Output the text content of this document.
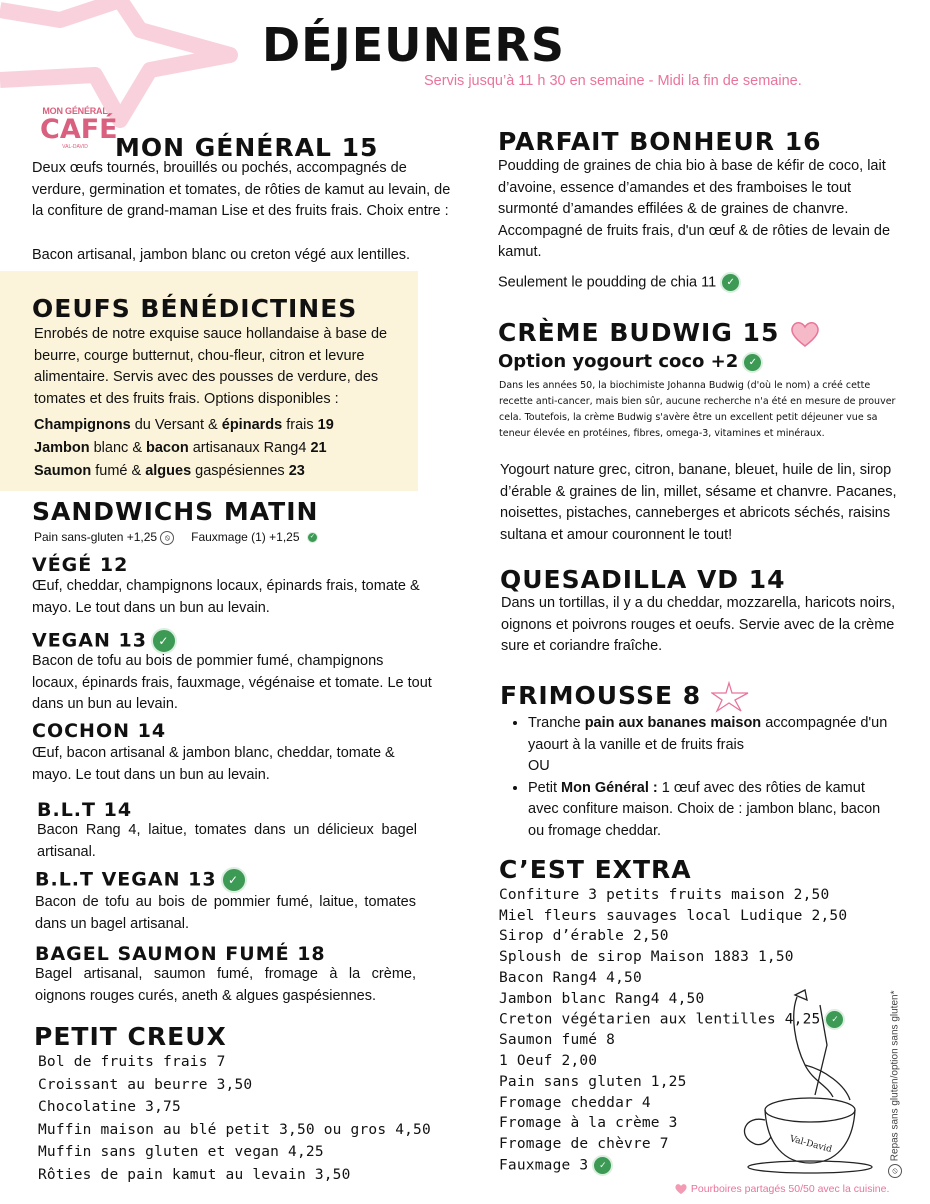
DÉJEUNERS
Servis jusqu’à 11 h 30 en semaine - Midi la fin de semaine.
MON GÉNÉRAL
CAFÉ
VAL-DAVID	MON GÉNÉRAL 15
Deux œufs tournés, brouillés ou pochés, accompagnés de verdure, germination et tomates, de rôties de kamut au levain, de la confiture de grand-maman Lise et des fruits frais. Choix entre :
Bacon artisanal, jambon blanc ou creton végé aux lentilles.
OEUFS BÉNÉDICTINES
Enrobés de notre exquise sauce hollandaise à base de beurre, courge butternut, chou-fleur, citron et levure alimentaire. Servis avec des pousses de verdure, des tomates et des fruits frais. Options disponibles :
Champignons du Versant & épinards frais 19
Jambon blanc & bacon artisanaux Rang4 21
Saumon fumé & algues gaspésiennes 23
SANDWICHS MATIN
Pain sans-gluten +1,25 ⦸ Fauxmage (1) +1,25 ✓
VÉGÉ 12
Œuf, cheddar, champignons locaux, épinards frais, tomate & mayo. Le tout dans un bun au levain.
VEGAN 13 ✓
Bacon de tofu au bois de pommier fumé, champignons locaux, épinards frais, fauxmage, végénaise et tomate. Le tout dans un bun au levain.
COCHON 14
Œuf, bacon artisanal & jambon blanc, cheddar, tomate & mayo. Le tout dans un bun au levain.
B.L.T 14
Bacon Rang 4, laitue, tomates dans un délicieux bagel artisanal.
B.L.T VEGAN 13 ✓
Bacon de tofu au bois de pommier fumé, laitue, tomates dans un bagel artisanal.
BAGEL SAUMON FUMÉ 18
Bagel artisanal, saumon fumé, fromage à la crème, oignons rouges curés, aneth & algues gaspésiennes.
PETIT CREUX
Bol de fruits frais 7
Croissant au beurre 3,50
Chocolatine 3,75
Muffin maison au blé petit 3,50 ou gros 4,50
Muffin sans gluten et vegan 4,25
Rôties de pain kamut au levain 3,50
PARFAIT BONHEUR 16
Poudding de graines de chia bio à base de kéfir de coco, lait d’avoine, essence d’amandes et des framboises le tout surmonté d’amandes effilées & de graines de chanvre. Accompagné de fruits frais, d'un œuf & de rôties de levain de kamut.
Seulement le poudding de chia 11 ✓
CRÈME BUDWIG 15
Option yogourt coco +2 ✓
Dans les années 50, la biochimiste Johanna Budwig (d'où le nom) a créé cette recette anti-cancer, mais bien sûr, aucune recherche n'a été en mesure de prouver cela. Toutefois, la crème Budwig s'avère être un excellent petit déjeuner vue sa teneur élevée en protéines, fibres, omega-3, vitamines et minéraux.
Yogourt nature grec, citron, banane, bleuet, huile de lin, sirop d’érable & graines de lin, millet, sésame et chanvre. Pacanes, noisettes, pistaches, canneberges et abricots séchés, raisins sultana et amour couronnent le tout!
QUESADILLA VD 14
Dans un tortillas, il y a du cheddar, mozzarella, haricots noirs, oignons et poivrons rouges et oeufs. Servie avec de la crème sure et coriandre fraîche.
FRIMOUSSE 8
• Tranche pain aux bananes maison accompagnée d'un yaourt à la vanille et de fruits frais
OU
• Petit Mon Général : 1 œuf avec des rôties de kamut avec confiture maison. Choix de : jambon blanc, bacon ou fromage cheddar.
C’EST EXTRA
Confiture 3 petits fruits maison 2,50
Miel fleurs sauvages local Ludique 2,50
Sirop d’érable 2,50
Sploush de sirop Maison 1883 1,50
Bacon Rang4 4,50
Jambon blanc Rang4 4,50
Creton végétarien aux lentilles 4,25 ✓
Saumon fumé 8
1 Oeuf 2,00
Pain sans gluten 1,25
Fromage cheddar 4
Fromage à la crème 3
Fromage de chèvre 7
Fauxmage 3 ✓
Val-David
⦸ Repas sans gluten/option sans gluten*
Pourboires partagés 50/50 avec la cuisine.
